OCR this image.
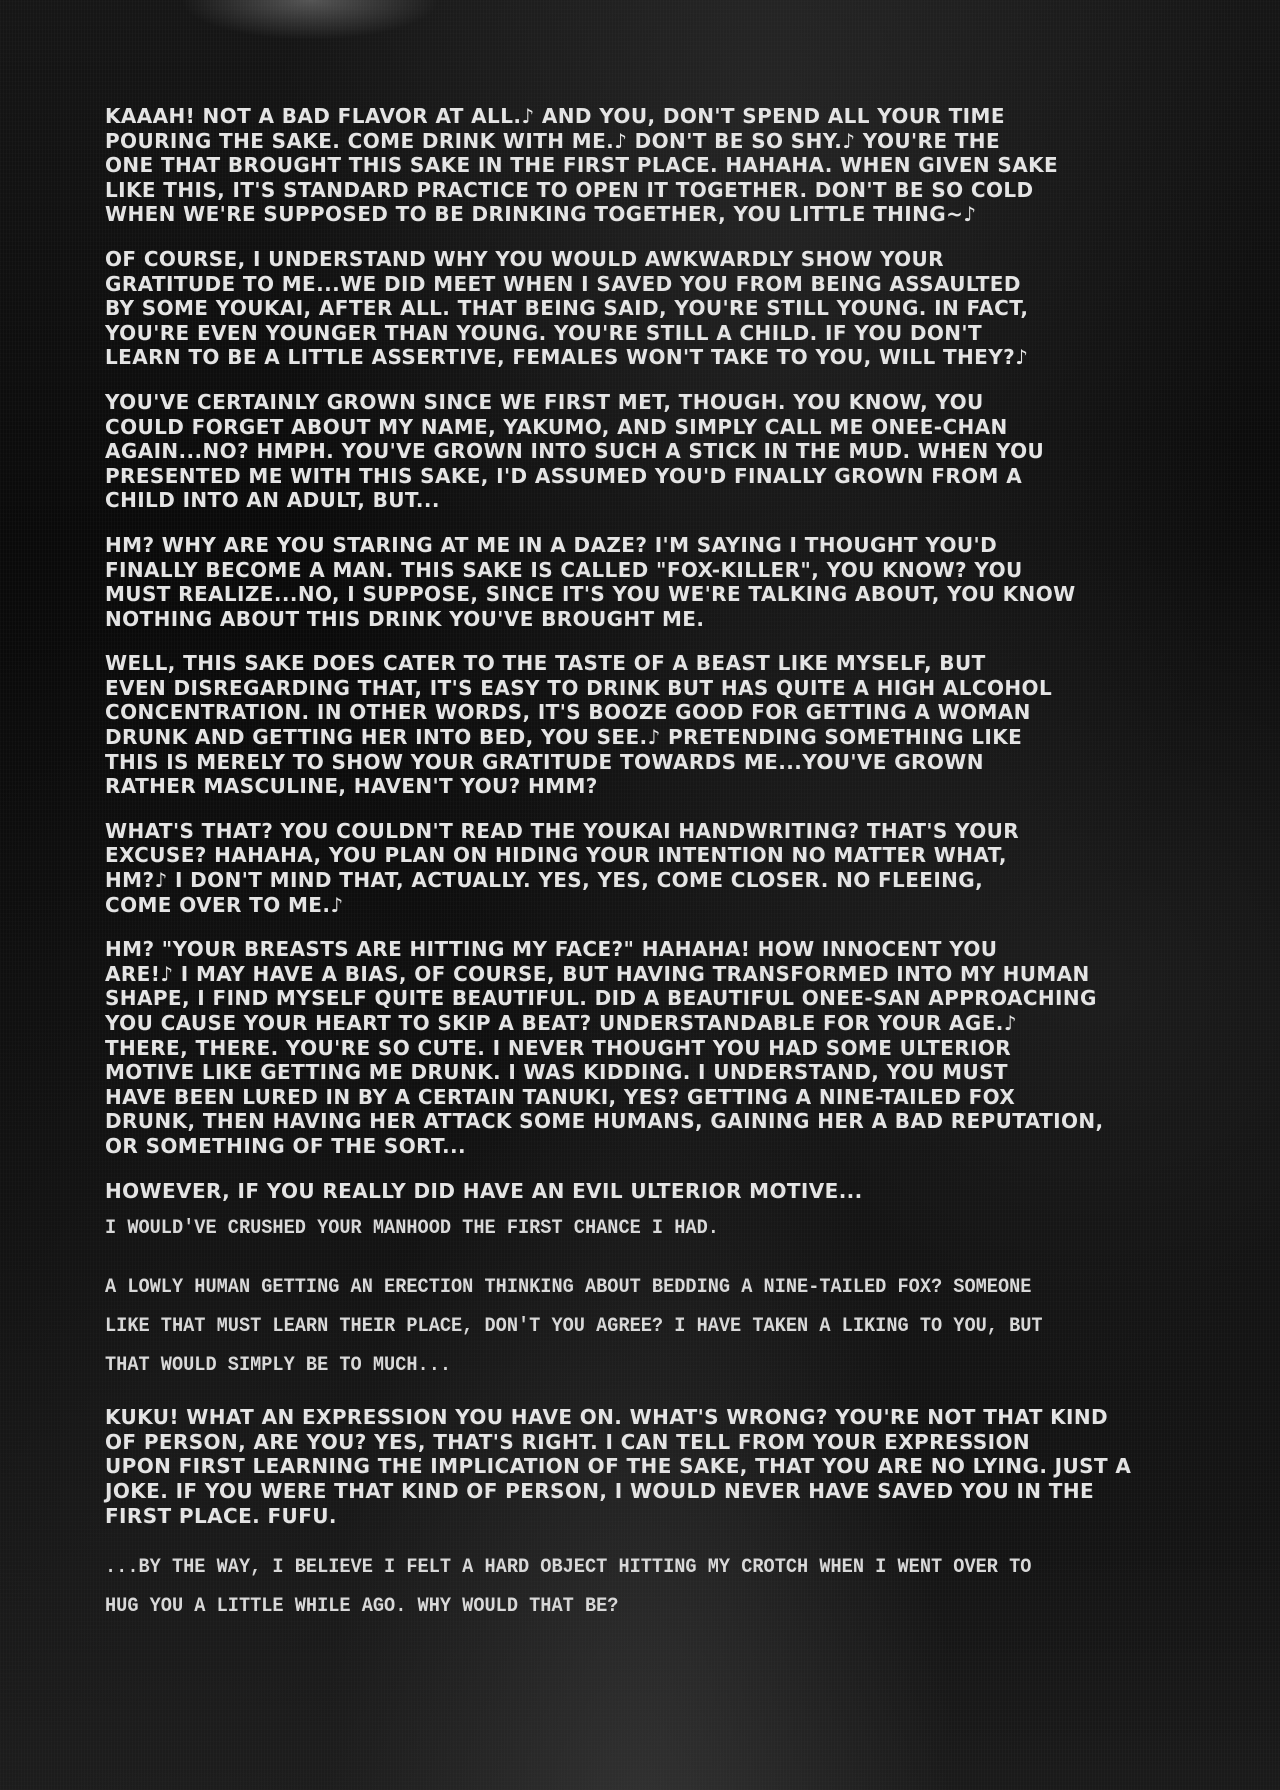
KAAAH! NOT A BAD FLAVOR AT ALL.♪ AND YOU, DON'T SPEND ALL YOUR TIME
POURING THE SAKE. COME DRINK WITH ME.♪ DON'T BE SO SHY.♪ YOU'RE THE
ONE THAT BROUGHT THIS SAKE IN THE FIRST PLACE. HAHAHA. WHEN GIVEN SAKE
LIKE THIS, IT'S STANDARD PRACTICE TO OPEN IT TOGETHER. DON'T BE SO COLD
WHEN WE'RE SUPPOSED TO BE DRINKING TOGETHER, YOU LITTLE THING~♪

OF COURSE, I UNDERSTAND WHY YOU WOULD AWKWARDLY SHOW YOUR
GRATITUDE TO ME...WE DID MEET WHEN I SAVED YOU FROM BEING ASSAULTED
BY SOME YOUKAI, AFTER ALL. THAT BEING SAID, YOU'RE STILL YOUNG. IN FACT,
YOU'RE EVEN YOUNGER THAN YOUNG. YOU'RE STILL A CHILD. IF YOU DON'T
LEARN TO BE A LITTLE ASSERTIVE, FEMALES WON'T TAKE TO YOU, WILL THEY?♪

YOU'VE CERTAINLY GROWN SINCE WE FIRST MET, THOUGH. YOU KNOW, YOU
COULD FORGET ABOUT MY NAME, YAKUMO, AND SIMPLY CALL ME ONEE-CHAN
AGAIN...NO? HMPH. YOU'VE GROWN INTO SUCH A STICK IN THE MUD. WHEN YOU
PRESENTED ME WITH THIS SAKE, I'D ASSUMED YOU'D FINALLY GROWN FROM A
CHILD INTO AN ADULT, BUT...

HM? WHY ARE YOU STARING AT ME IN A DAZE? I'M SAYING I THOUGHT YOU'D
FINALLY BECOME A MAN. THIS SAKE IS CALLED "FOX-KILLER", YOU KNOW? YOU
MUST REALIZE...NO, I SUPPOSE, SINCE IT'S YOU WE'RE TALKING ABOUT, YOU KNOW
NOTHING ABOUT THIS DRINK YOU'VE BROUGHT ME.

WELL, THIS SAKE DOES CATER TO THE TASTE OF A BEAST LIKE MYSELF, BUT
EVEN DISREGARDING THAT, IT'S EASY TO DRINK BUT HAS QUITE A HIGH ALCOHOL
CONCENTRATION. IN OTHER WORDS, IT'S BOOZE GOOD FOR GETTING A WOMAN
DRUNK AND GETTING HER INTO BED, YOU SEE.♪ PRETENDING SOMETHING LIKE
THIS IS MERELY TO SHOW YOUR GRATITUDE TOWARDS ME...YOU'VE GROWN
RATHER MASCULINE, HAVEN'T YOU? HMM?

WHAT'S THAT? YOU COULDN'T READ THE YOUKAI HANDWRITING? THAT'S YOUR
EXCUSE? HAHAHA, YOU PLAN ON HIDING YOUR INTENTION NO MATTER WHAT,
HM?♪ I DON'T MIND THAT, ACTUALLY. YES, YES, COME CLOSER. NO FLEEING,
COME OVER TO ME.♪

HM? "YOUR BREASTS ARE HITTING MY FACE?" HAHAHA! HOW INNOCENT YOU
ARE!♪ I MAY HAVE A BIAS, OF COURSE, BUT HAVING TRANSFORMED INTO MY HUMAN
SHAPE, I FIND MYSELF QUITE BEAUTIFUL. DID A BEAUTIFUL ONEE-SAN APPROACHING
YOU CAUSE YOUR HEART TO SKIP A BEAT? UNDERSTANDABLE FOR YOUR AGE.♪
THERE, THERE. YOU'RE SO CUTE. I NEVER THOUGHT YOU HAD SOME ULTERIOR
MOTIVE LIKE GETTING ME DRUNK. I WAS KIDDING. I UNDERSTAND, YOU MUST
HAVE BEEN LURED IN BY A CERTAIN TANUKI, YES? GETTING A NINE-TAILED FOX
DRUNK, THEN HAVING HER ATTACK SOME HUMANS, GAINING HER A BAD REPUTATION,
OR SOMETHING OF THE SORT...

HOWEVER, IF YOU REALLY DID HAVE AN EVIL ULTERIOR MOTIVE...

I WOULD'VE CRUSHED YOUR MANHOOD THE FIRST CHANCE I HAD.

A LOWLY HUMAN GETTING AN ERECTION THINKING ABOUT BEDDING A NINE-TAILED FOX? SOMEONE
LIKE THAT MUST LEARN THEIR PLACE, DON'T YOU AGREE? I HAVE TAKEN A LIKING TO YOU, BUT
THAT WOULD SIMPLY BE TO MUCH...

KUKU! WHAT AN EXPRESSION YOU HAVE ON. WHAT'S WRONG? YOU'RE NOT THAT KIND
OF PERSON, ARE YOU? YES, THAT'S RIGHT. I CAN TELL FROM YOUR EXPRESSION
UPON FIRST LEARNING THE IMPLICATION OF THE SAKE, THAT YOU ARE NO LYING. JUST A
JOKE. IF YOU WERE THAT KIND OF PERSON, I WOULD NEVER HAVE SAVED YOU IN THE
FIRST PLACE. FUFU.

...BY THE WAY, I BELIEVE I FELT A HARD OBJECT HITTING MY CROTCH WHEN I WENT OVER TO
HUG YOU A LITTLE WHILE AGO. WHY WOULD THAT BE?
